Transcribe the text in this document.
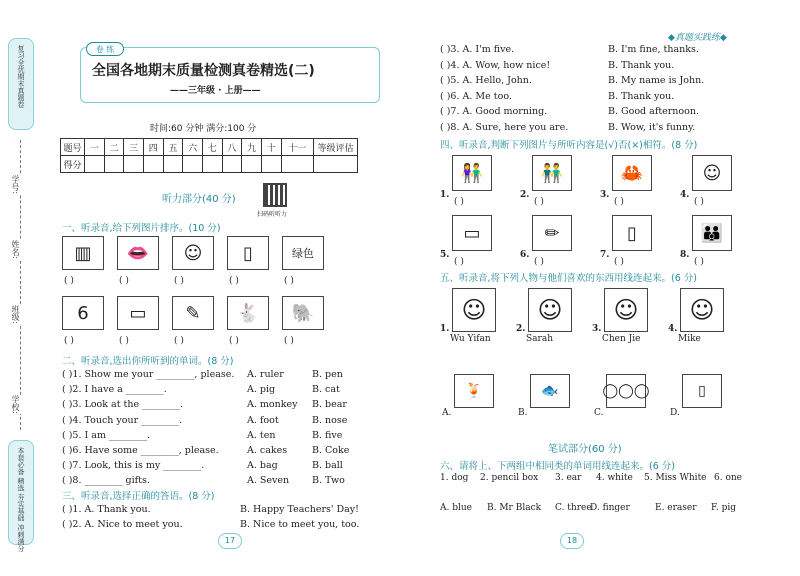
复习全优期末真题卷
学号:
姓名:
班级:
学校:
本套必备 精选 夯实基础 冲刺满分
卷 练
全国各地期末质量检测真卷精选(二)
——三年级 · 上册——
时间:60 分钟 满分:100 分
题号	一	二	三	四	五	六	七	八	九	十	十一	等级评估
得分												
扫码听听力
听力部分(40 分)
一、听录音,给下列图片排序。(10 分)
▥
( )
👄
( )
☺
( )
▯
( )
绿色
( )
6
( )
▭
( )
✎
( )
🐇
( )
🐘
( )
二、听录音,选出你所听到的单词。(8 分)
( )1. Show me your ________, please. A. ruler	B. pen
( )2. I have a ________.	A. pig	B. cat
( )3. Look at the ________.	A. monkey B. bear
( )4. Touch your ________.	A. foot	B. nose
( )5. I am ________.	A. ten	B. five
( )6. Have some ________, please.	A. cakes	B. Coke
( )7. Look, this is my ________.	A. bag	B. ball
( )8. ________ gifts.	A. Seven B. Two
三、听录音,选择正确的答语。(8 分)
( )1. A. Thank you.	B. Happy Teachers' Day!
( )2. A. Nice to meet you.	B. Nice to meet you, too.
17
◆真题实践练◆
( )3. A. I'm five.	B. I'm fine, thanks.
( )4. A. Wow, how nice!	B. Thank you.
( )5. A. Hello, John.	B. My name is John.
( )6. A. Me too.	B. Thank you.
( )7. A. Good morning.	B. Good afternoon.
( )8. A. Sure, here you are.	B. Wow, it's funny.
四、听录音,判断下列图片与所听内容是(√)否(×)相符。(8 分)
1.
👫
( )
2.
👬
( )
3.
🦀
( )
4.
☺
( )
5.
▭
( )
6.
✏
( )
7.
▯
( )
8.
👪
( )
五、听录音,将下列人物与他们喜欢的东西用线连起来。(6 分)
1.
☺
Wu Yifan
2.
☺
Sarah
3.
☺
Chen Jie
4.
☺
Mike
A.
🍹
B.
🐟
C.
◯◯◯
D.
▯
笔试部分(60 分)
六、请将上、下两组中相同类的单词用线连起来。(6 分)
1. dog 2. pencil box 3. ear 4. white 5. Miss White 6. one
A. blue B. Mr Black C. three
D. finger	E. eraser F. pig
18
